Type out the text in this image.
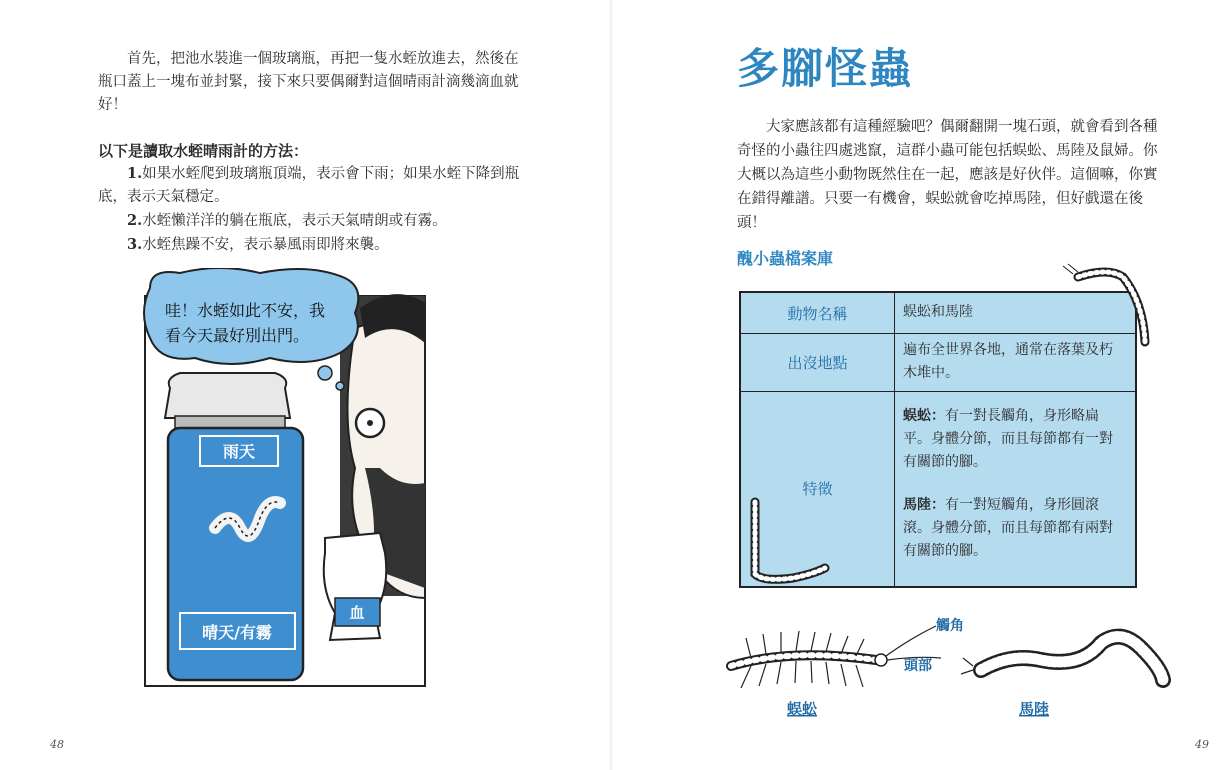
首先，把池水裝進一個玻璃瓶，再把一隻水蛭放進去，然後在瓶口蓋上一塊布並封緊，接下來只要偶爾對這個晴雨計滴幾滴血就好！

以下是讀取水蛭晴雨計的方法：

1.如果水蛭爬到玻璃瓶頂端，表示會下雨；如果水蛭下降到瓶底，表示天氣穩定。

2.水蛭懶洋洋的躺在瓶底，表示天氣晴朗或有霧。

3.水蛭焦躁不安，表示暴風雨即將來襲。

哇！水蛭如此不安，我
看今天最好別出門。
雨天
晴天/有霧
血
48
多腳怪蟲

大家應該都有這種經驗吧？偶爾翻開一塊石頭，就會看到各種奇怪的小蟲往四處逃竄，這群小蟲可能包括蜈蚣、馬陸及鼠婦。你大概以為這些小動物既然住在一起，應該是好伙伴。這個嘛，你實在錯得離譜。只要一有機會，蜈蚣就會吃掉馬陸，但好戲還在後頭！

醜小蟲檔案庫
動物名稱	蜈蚣和馬陸
出沒地點
遍布全世界各地，通常在落葉及朽木堆中。
特徵

蜈蚣：有一對長觸角，身形略扁平。身體分節，而且每節都有一對有關節的腳。

馬陸：有一對短觸角，身形圓滾滾。身體分節，而且每節都有兩對有關節的腳。

觸角
頭部
蜈蚣	馬陸
49
